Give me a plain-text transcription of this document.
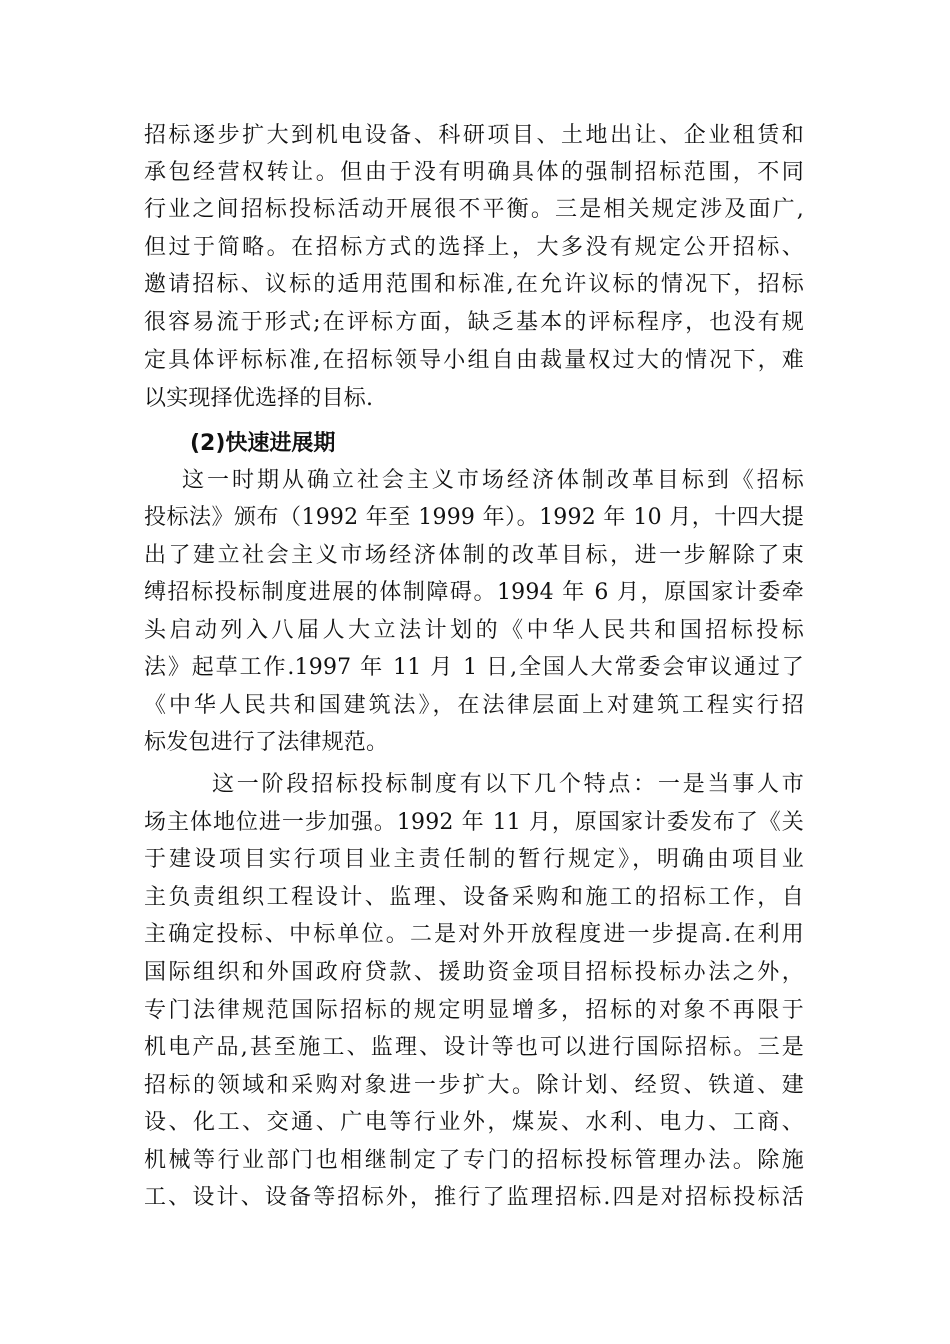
招标逐步扩大到机电设备、科研项目、土地出让、企业租赁和
承包经营权转让。但由于没有明确具体的强制招标范围，不同
行业之间招标投标活动开展很不平衡。三是相关规定涉及面广,
但过于简略。在招标方式的选择上，大多没有规定公开招标、
邀请招标、议标的适用范围和标准,在允许议标的情况下，招标
很容易流于形式;在评标方面，缺乏基本的评标程序，也没有规
定具体评标标准,在招标领导小组自由裁量权过大的情况下，难
以实现择优选择的目标.
(2)快速进展期
这一时期从确立社会主义市场经济体制改革目标到《招标
投标法》颁布（1992 年至 1999 年）。1992 年 10 月，十四大提
出了建立社会主义市场经济体制的改革目标，进一步解除了束
缚招标投标制度进展的体制障碍。1994 年 6 月，原国家计委牵
头启动列入八届人大立法计划的《中华人民共和国招标投标
法》起草工作.1997 年 11 月 1 日,全国人大常委会审议通过了
《中华人民共和国建筑法》，在法律层面上对建筑工程实行招
标发包进行了法律规范。
这一阶段招标投标制度有以下几个特点：一是当事人市
场主体地位进一步加强。1992 年 11 月，原国家计委发布了《关
于建设项目实行项目业主责任制的暂行规定》，明确由项目业
主负责组织工程设计、监理、设备采购和施工的招标工作，自
主确定投标、中标单位。二是对外开放程度进一步提高.在利用
国际组织和外国政府贷款、援助资金项目招标投标办法之外，
专门法律规范国际招标的规定明显增多，招标的对象不再限于
机电产品,甚至施工、监理、设计等也可以进行国际招标。三是
招标的领域和采购对象进一步扩大。除计划、经贸、铁道、建
设、化工、交通、广电等行业外，煤炭、水利、电力、工商、
机械等行业部门也相继制定了专门的招标投标管理办法。除施
工、设计、设备等招标外，推行了监理招标.四是对招标投标活
